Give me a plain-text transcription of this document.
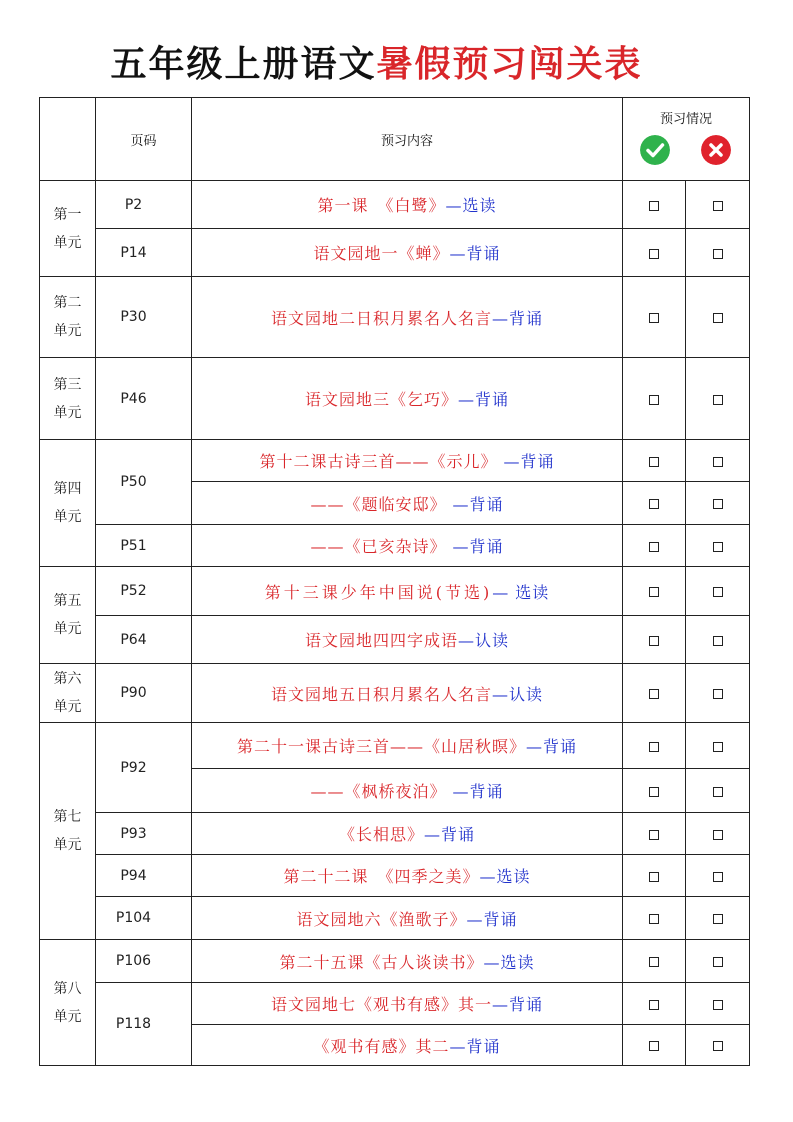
五年级上册语文暑假预习闯关表
	页码	预习内容	预习情况	

第一
单元	P2	第一课　《白鹭》—选读		
	P14	语文园地一《蝉》—背诵		

第二
单元	P30	语文园地二日积月累名人名言—背诵		

第三
单元	P46	语文园地三《乞巧》—背诵		

第四
单元	P50	第十二课古诗三首——《示儿》 —背诵		
		——《题临安邸》 —背诵		
	P51	——《已亥杂诗》 —背诵		

第五
单元	P52	第十三课少年中国说(节选)— 选读		
	P64	语文园地四四字成语—认读		

第六
单元	P90	语文园地五日积月累名人名言—认读		

第七
单元	P92	第二十一课古诗三首——《山居秋暝》—背诵		
		——《枫桥夜泊》 —背诵		
	P93	《长相思》—背诵		
	P94	第二十二课　《四季之美》—选读		
	P104	语文园地六《渔歌子》—背诵		

第八
单元	P106	第二十五课《古人谈读书》—选读		
	P118	语文园地七《观书有感》其一—背诵		
		《观书有感》其二—背诵		
